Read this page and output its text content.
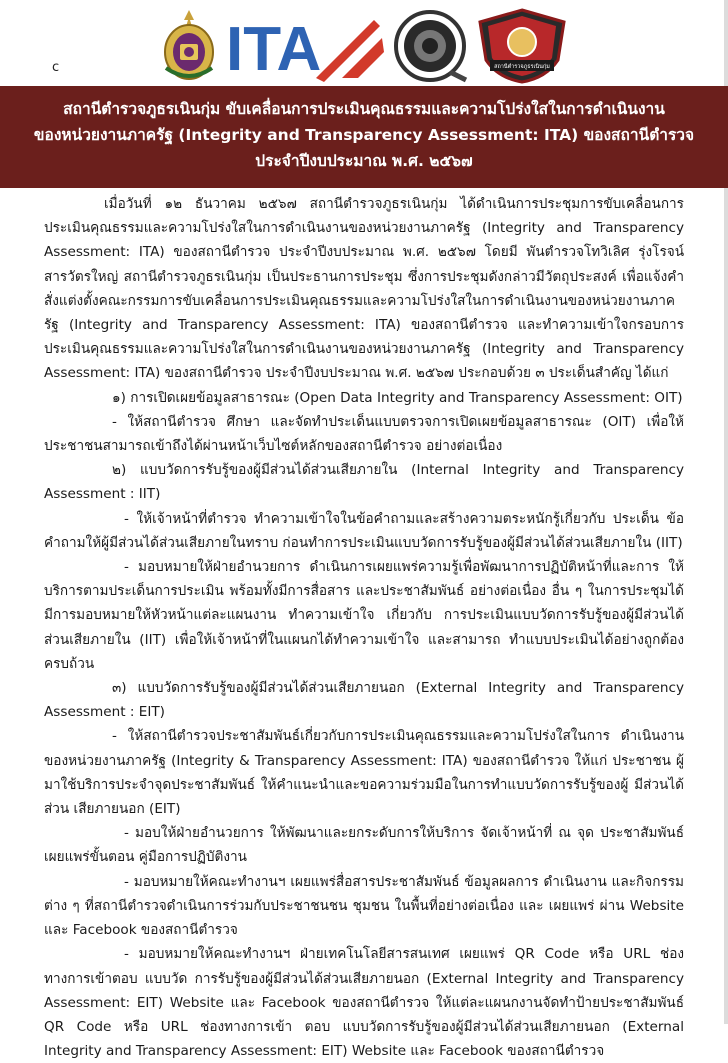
ITA	สถานีตำรวจภูธรเนินกุ่ม
c
สถานีตำรวจภูธรเนินกุ่ม ขับเคลื่อนการประเมินคุณธรรมและความโปร่งใสในการดำเนินงาน
ของหน่วยงานภาครัฐ (Integrity and Transparency Assessment: ITA) ของสถานีตำรวจ
ประจำปีงบประมาณ พ.ศ. ๒๕๖๗
เมื่อวันที่ ๑๒ ธันวาคม ๒๕๖๗ สถานีตำรวจภูธรเนินกุ่ม ได้ดำเนินการประชุมการขับเคลื่อนการประเมินคุณธรรมและความโปร่งใสในการดำเนินงานของหน่วยงานภาครัฐ (Integrity and Transparency Assessment: ITA) ของสถานีตำรวจ ประจำปีงบประมาณ พ.ศ. ๒๕๖๗ โดยมี พันตำรวจโทวิเลิศ รุ่งโรจน์สารวัตรใหญ่ สถานีตำรวจภูธรเนินกุ่ม เป็นประธานการประชุม ซึ่งการประชุมดังกล่าวมีวัตถุประสงค์ เพื่อแจ้งคำสั่งแต่งตั้งคณะกรรมการขับเคลื่อนการประเมินคุณธรรมและความโปร่งใสในการดำเนินงานของหน่วยงานภาครัฐ (Integrity and Transparency Assessment: ITA) ของสถานีตำรวจ และทำความเข้าใจกรอบการประเมินคุณธรรมและความโปร่งใสในการดำเนินงานของหน่วยงานภาครัฐ (Integrity and Transparency Assessment: ITA) ของสถานีตำรวจ ประจำปีงบประมาณ พ.ศ. ๒๕๖๗ ประกอบด้วย ๓ ประเด็นสำคัญ ได้แก่
๑) การเปิดเผยข้อมูลสาธารณะ (Open Data Integrity and Transparency Assessment: OIT)
- ให้สถานีตำรวจ ศึกษา และจัดทำประเด็นแบบตรวจการเปิดเผยข้อมูลสาธารณะ (OIT) เพื่อให้ประชาชนสามารถเข้าถึงได้ผ่านหน้าเว็บไซต์หลักของสถานีตำรวจ อย่างต่อเนื่อง
๒) แบบวัดการรับรู้ของผู้มีส่วนได้ส่วนเสียภายใน (Internal Integrity and Transparency Assessment : IIT)
- ให้เจ้าหน้าที่ตำรวจ ทำความเข้าใจในข้อคำถามและสร้างความตระหนักรู้เกี่ยวกับ ประเด็น ข้อคำถามให้ผู้มีส่วนได้ส่วนเสียภายในทราบ ก่อนทำการประเมินแบบวัดการรับรู้ของผู้มีส่วนได้ส่วนเสียภายใน (IIT)
- มอบหมายให้ฝ่ายอำนวยการ ดำเนินการเผยแพร่ความรู้เพื่อพัฒนาการปฏิบัติหน้าที่และการ ให้บริการตามประเด็นการประเมิน พร้อมทั้งมีการสื่อสาร และประชาสัมพันธ์ อย่างต่อเนื่อง อื่น ๆ ในการประชุมได้มีการมอบหมายให้หัวหน้าแต่ละแผนงาน ทำความเข้าใจ เกี่ยวกับ การประเมินแบบวัดการรับรู้ของผู้มีส่วนได้ส่วนเสียภายใน (IIT) เพื่อให้เจ้าหน้าที่ในแผนกได้ทำความเข้าใจ และสามารถ ทำแบบประเมินได้อย่างถูกต้องครบถ้วน
๓) แบบวัดการรับรู้ของผู้มีส่วนได้ส่วนเสียภายนอก (External Integrity and Transparency Assessment : EIT)
- ให้สถานีตำรวจประชาสัมพันธ์เกี่ยวกับการประเมินคุณธรรมและความโปร่งใสในการ ดำเนินงานของหน่วยงานภาครัฐ (Integrity & Transparency Assessment: ITA) ของสถานีตำรวจ ให้แก่ ประชาชน ผู้มาใช้บริการประจำจุดประชาสัมพันธ์ ให้คำแนะนำและขอความร่วมมือในการทำแบบวัดการรับรู้ของผู้ มีส่วนได้ ส่วน เสียภายนอก (EIT)
- มอบให้ฝ่ายอำนวยการ ให้พัฒนาและยกระดับการให้บริการ จัดเจ้าหน้าที่ ณ จุด ประชาสัมพันธ์ เผยแพร่ขั้นตอน คู่มือการปฏิบัติงาน
- มอบหมายให้คณะทำงานฯ เผยแพร่สื่อสารประชาสัมพันธ์ ข้อมูลผลการ ดำเนินงาน และกิจกรรม ต่าง ๆ ที่สถานีตำรวจดำเนินการร่วมกับประชาชนชน ชุมชน ในพื้นที่อย่างต่อเนื่อง และ เผยแพร่ ผ่าน Website และ Facebook ของสถานีตำรวจ
- มอบหมายให้คณะทำงานฯ ฝ่ายเทคโนโลยีสารสนเทศ เผยแพร่ QR Code หรือ URL ช่องทางการเข้าตอบ แบบวัด การรับรู้ของผู้มีส่วนได้ส่วนเสียภายนอก (External Integrity and Transparency Assessment: EIT) Website และ Facebook ของสถานีตำรวจ ให้แต่ละแผนกงานจัดทำป้ายประชาสัมพันธ์ QR Code หรือ URL ช่องทางการเข้า ตอบ แบบวัดการรับรู้ของผู้มีส่วนได้ส่วนเสียภายนอก (External Integrity and Transparency Assessment: EIT) Website และ Facebook ของสถานีตำรวจ
